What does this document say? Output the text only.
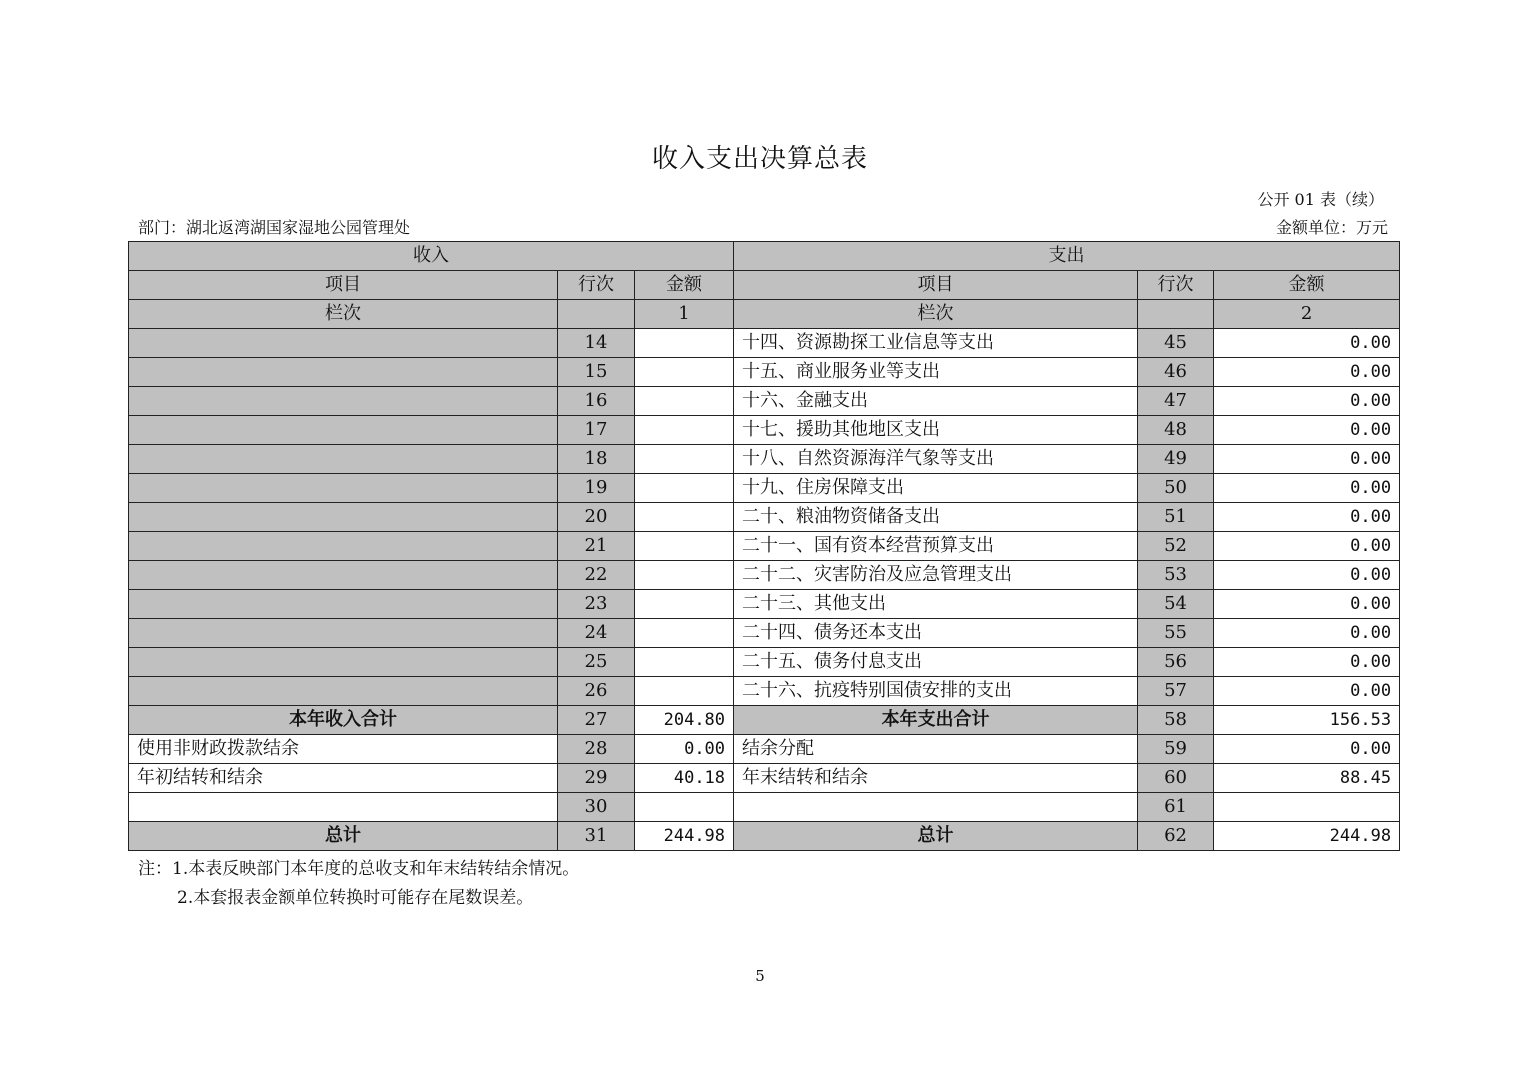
收入支出决算总表
公开 01 表（续）
部门：湖北返湾湖国家湿地公园管理处	金额单位：万元
收入			支出		
项目	行次	金额	项目	行次	金额
栏次		1	栏次		2
	14		十四、资源勘探工业信息等支出	45	0.00
	15		十五、商业服务业等支出	46	0.00
	16		十六、金融支出	47	0.00
	17		十七、援助其他地区支出	48	0.00
	18		十八、自然资源海洋气象等支出	49	0.00
	19		十九、住房保障支出	50	0.00
	20		二十、粮油物资储备支出	51	0.00
	21		二十一、国有资本经营预算支出	52	0.00
	22		二十二、灾害防治及应急管理支出	53	0.00
	23		二十三、其他支出	54	0.00
	24		二十四、债务还本支出	55	0.00
	25		二十五、债务付息支出	56	0.00
	26		二十六、抗疫特别国债安排的支出	57	0.00
本年收入合计	27	204.80	本年支出合计	58	156.53
使用非财政拨款结余	28	0.00	结余分配	59	0.00
年初结转和结余	29	40.18	年末结转和结余	60	88.45
	30			61	
总计	31	244.98	总计	62	244.98
注：1.本表反映部门本年度的总收支和年末结转结余情况。
2.本套报表金额单位转换时可能存在尾数误差。
5
